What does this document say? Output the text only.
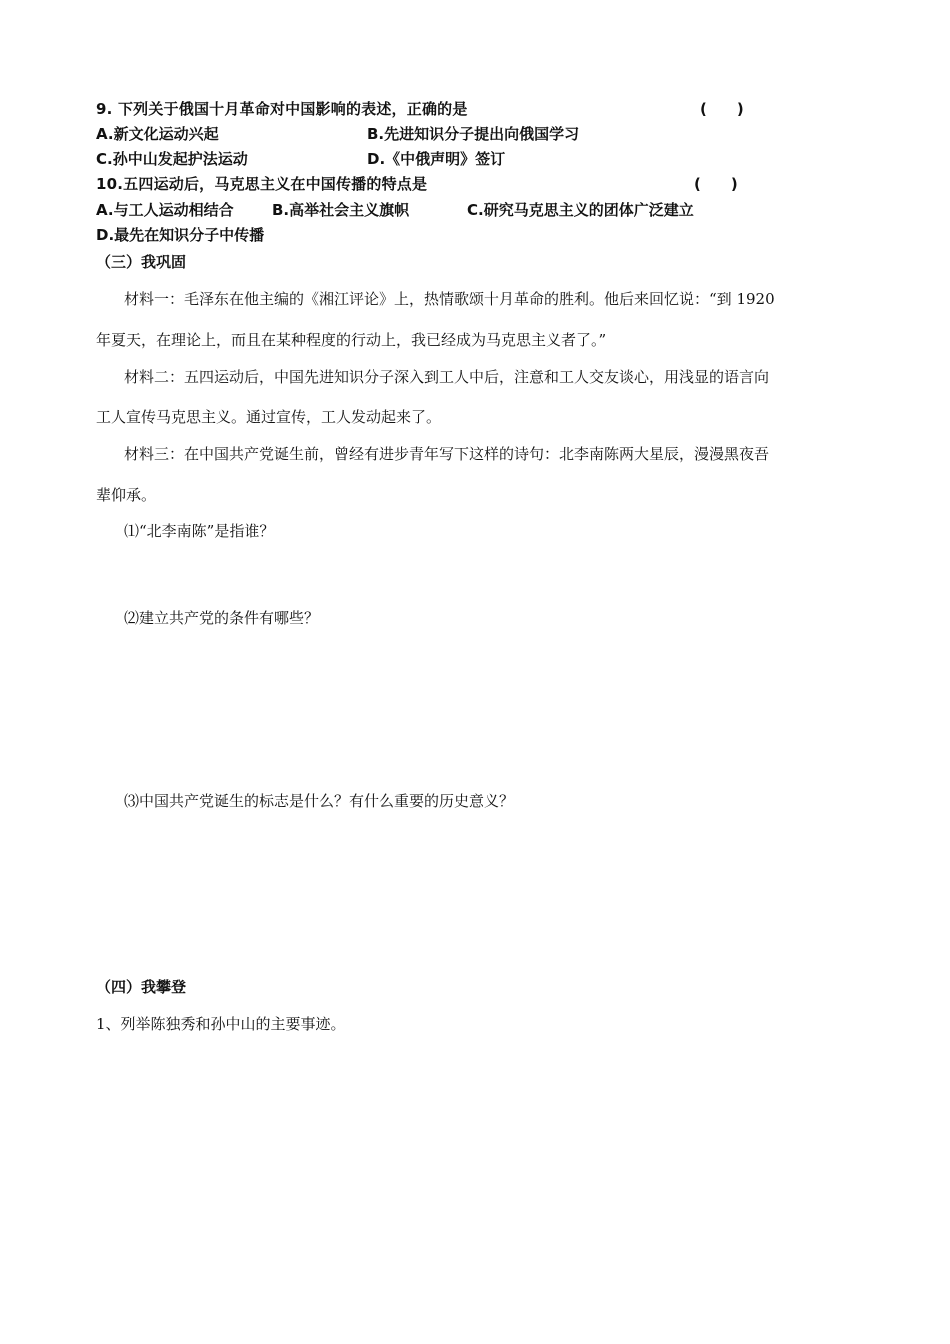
9. 下列关于俄国十月革命对中国影响的表述，正确的是	(　　)
A.新文化运动兴起	B.先进知识分子提出向俄国学习
C.孙中山发起护法运动	D.《中俄声明》签订
10.五四运动后，马克思主义在中国传播的特点是	(　　)
A.与工人运动相结合	B.高举社会主义旗帜	C.研究马克思主义的团体广泛建立
D.最先在知识分子中传播
（三）我巩固
材料一：毛泽东在他主编的《湘江评论》上，热情歌颂十月革命的胜利。他后来回忆说：“到 1920
年夏天，在理论上，而且在某种程度的行动上，我已经成为马克思主义者了。”
材料二：五四运动后，中国先进知识分子深入到工人中后，注意和工人交友谈心，用浅显的语言向
工人宣传马克思主义。通过宣传，工人发动起来了。
材料三：在中国共产党诞生前，曾经有进步青年写下这样的诗句：北李南陈两大星辰，漫漫黑夜吾
辈仰承。
⑴“北李南陈”是指谁？
⑵建立共产党的条件有哪些？
⑶中国共产党诞生的标志是什么？有什么重要的历史意义？
（四）我攀登
1、列举陈独秀和孙中山的主要事迹。
